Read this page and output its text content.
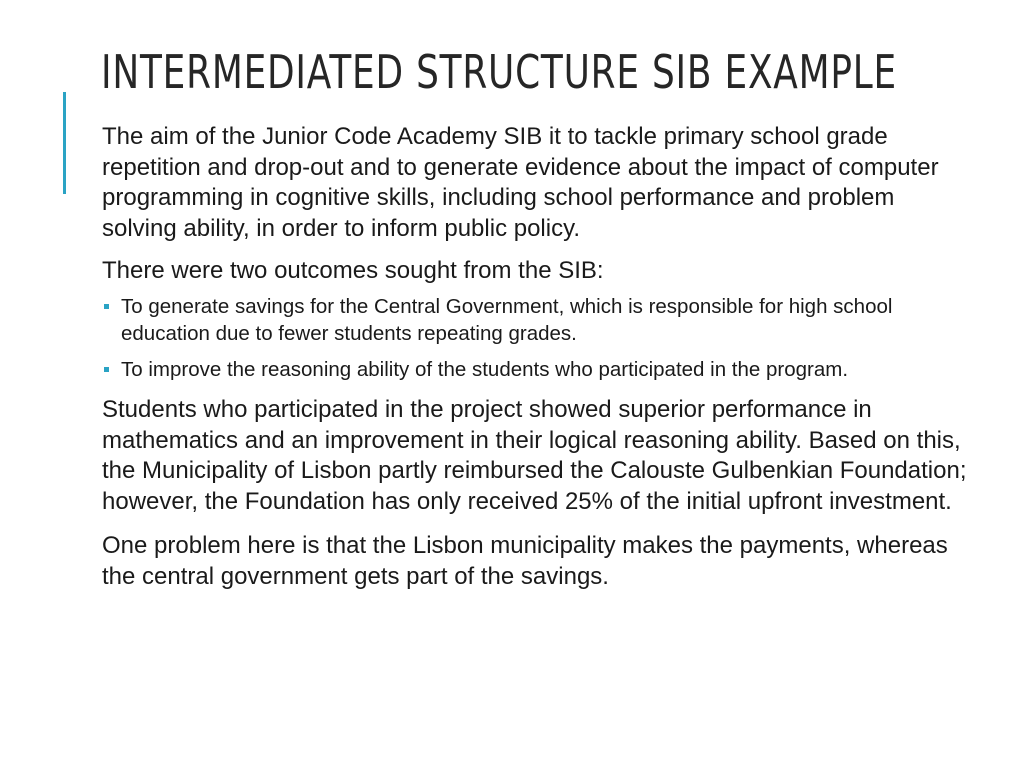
INTERMEDIATED STRUCTURE SIB EXAMPLE

The aim of the Junior Code Academy SIB it to tackle primary school grade repetition and drop-out and to generate evidence about the impact of computer programming in cognitive skills, including school performance and problem solving ability, in order to inform public policy.

There were two outcomes sought from the SIB:

To generate savings for the Central Government, which is responsible for high school education due to fewer students repeating grades.
To improve the reasoning ability of the students who participated in the program.

Students who participated in the project showed superior performance in mathematics and an improvement in their logical reasoning ability. Based on this, the Municipality of Lisbon partly reimbursed the Calouste Gulbenkian Foundation; however, the Foundation has only received 25% of the initial upfront investment.

One problem here is that the Lisbon municipality makes the payments, whereas the central government gets part of the savings.
